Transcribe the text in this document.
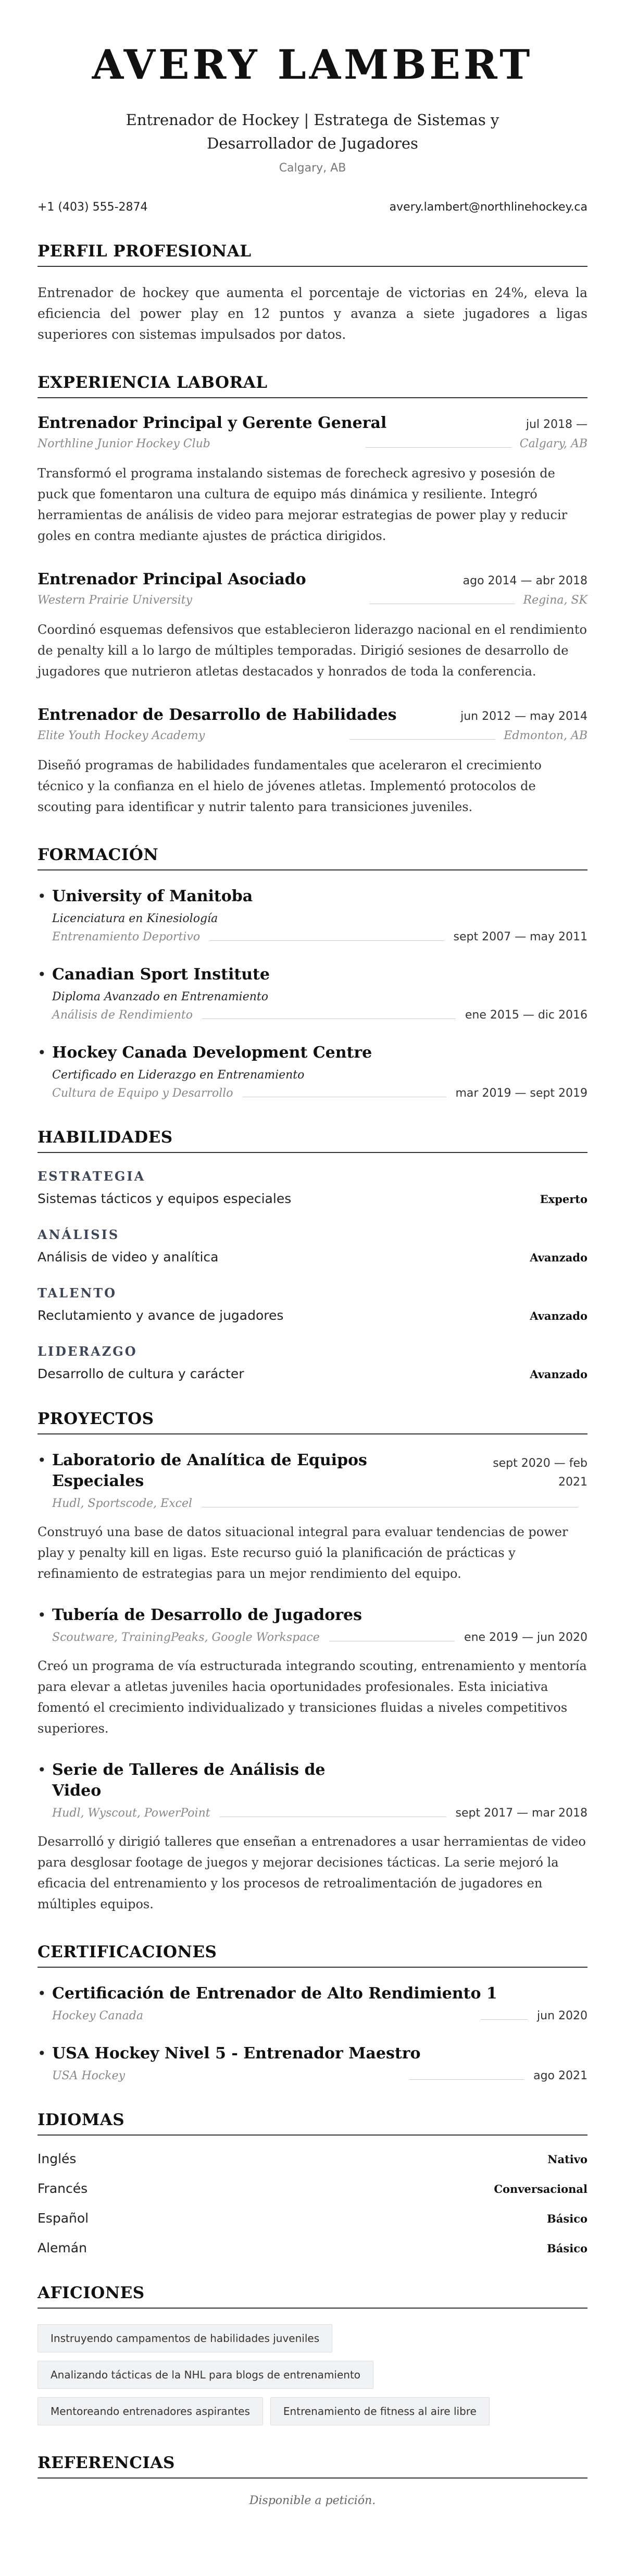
AVERY LAMBERT
Entrenador de Hockey | Estratega de Sistemas y Desarrollador de Jugadores
Calgary, AB
+1 (403) 555-2874	avery.lambert@northlinehockey.ca
PERFIL PROFESIONAL
Entrenador de hockey que aumenta el porcentaje de victorias en 24%, eleva la eficiencia del power play en 12 puntos y avanza a siete jugadores a ligas superiores con sistemas impulsados por datos.
EXPERIENCIA LABORAL
Entrenador Principal y Gerente General	jul 2018 —
Northline Junior Hockey Club	Calgary, AB
Transformó el programa instalando sistemas de forecheck agresivo y posesión de puck que fomentaron una cultura de equipo más dinámica y resiliente. Integró herramientas de análisis de video para mejorar estrategias de power play y reducir goles en contra mediante ajustes de práctica dirigidos.
Entrenador Principal Asociado	ago 2014 — abr 2018
Western Prairie University	Regina, SK
Coordinó esquemas defensivos que establecieron liderazgo nacional en el rendimiento de penalty kill a lo largo de múltiples temporadas. Dirigió sesiones de desarrollo de jugadores que nutrieron atletas destacados y honrados de toda la conferencia.
Entrenador de Desarrollo de Habilidades	jun 2012 — may 2014
Elite Youth Hockey Academy	Edmonton, AB
Diseñó programas de habilidades fundamentales que aceleraron el crecimiento técnico y la confianza en el hielo de jóvenes atletas. Implementó protocolos de scouting para identificar y nutrir talento para transiciones juveniles.
FORMACIÓN
• University of Manitoba
Licenciatura en Kinesiología
Entrenamiento Deportivo	sept 2007 — may 2011
• Canadian Sport Institute
Diploma Avanzado en Entrenamiento
Análisis de Rendimiento	ene 2015 — dic 2016
• Hockey Canada Development Centre
Certificado en Liderazgo en Entrenamiento
Cultura de Equipo y Desarrollo	mar 2019 — sept 2019
HABILIDADES
ESTRATEGIA
Sistemas tácticos y equipos especiales	Experto
ANÁLISIS
Análisis de video y analítica	Avanzado
TALENTO
Reclutamiento y avance de jugadores	Avanzado
LIDERAZGO
Desarrollo de cultura y carácter	Avanzado
PROYECTOS
• Laboratorio de Analítica de Equipos Especiales
sept 2020 — feb 2021
Hudl, Sportscode, Excel
Construyó una base de datos situacional integral para evaluar tendencias de power play y penalty kill en ligas. Este recurso guió la planificación de prácticas y refinamiento de estrategias para un mejor rendimiento del equipo.
• Tubería de Desarrollo de Jugadores
Scoutware, TrainingPeaks, Google Workspace	ene 2019 — jun 2020
Creó un programa de vía estructurada integrando scouting, entrenamiento y mentoría para elevar a atletas juveniles hacia oportunidades profesionales. Esta iniciativa fomentó el crecimiento individualizado y transiciones fluidas a niveles competitivos superiores.
• Serie de Talleres de Análisis de Video
Hudl, Wyscout, PowerPoint	sept 2017 — mar 2018
Desarrolló y dirigió talleres que enseñan a entrenadores a usar herramientas de video para desglosar footage de juegos y mejorar decisiones tácticas. La serie mejoró la eficacia del entrenamiento y los procesos de retroalimentación de jugadores en múltiples equipos.
CERTIFICACIONES
• Certificación de Entrenador de Alto Rendimiento 1
Hockey Canada	jun 2020
• USA Hockey Nivel 5 - Entrenador Maestro
USA Hockey	ago 2021
IDIOMAS
Inglés	Nativo
Francés	Conversacional
Español	Básico
Alemán	Básico
AFICIONES
Instruyendo campamentos de habilidades juveniles
Analizando tácticas de la NHL para blogs de entrenamiento
Mentoreando entrenadores aspirantes	Entrenamiento de fitness al aire libre
REFERENCIAS
Disponible a petición.
